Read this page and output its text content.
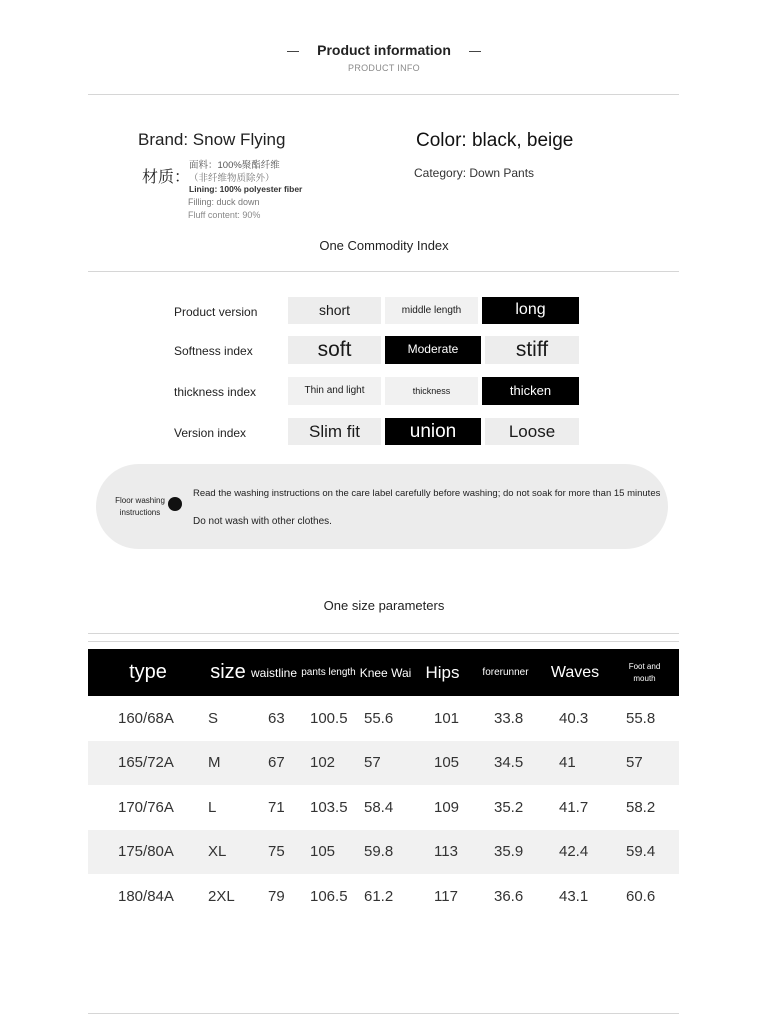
Product information
PRODUCT INFO
Brand: Snow Flying	Color: black, beige
材质：
面料：100%聚酯纤维
（非纤维物质除外）
Lining: 100% polyester fiber
Filling: duck down
Fluff content: 90%
Category: Down Pants
One Commodity Index
Product version	short	middle length	long
Softness index	soft	Moderate	stiff
thickness index	Thin and light	thickness	thicken
Version index	Slim fit	union	Loose
Floor washing instructions
Read the washing instructions on the care label carefully before washing; do not soak for more than 15 minutes
Do not wash with other clothes.
One size parameters
type	size	waistline	pants length	Knee Wai	Hips	forerunner	Waves	Foot and mouth
160/68A	S	63	100.5	55.6	101	33.8	40.3	55.8
165/72A	M	67	102	57	105	34.5	41	57
170/76A	L	71	103.5	58.4	109	35.2	41.7	58.2
175/80A	XL	75	105	59.8	113	35.9	42.4	59.4
180/84A	2XL	79	106.5	61.2	117	36.6	43.1	60.6
